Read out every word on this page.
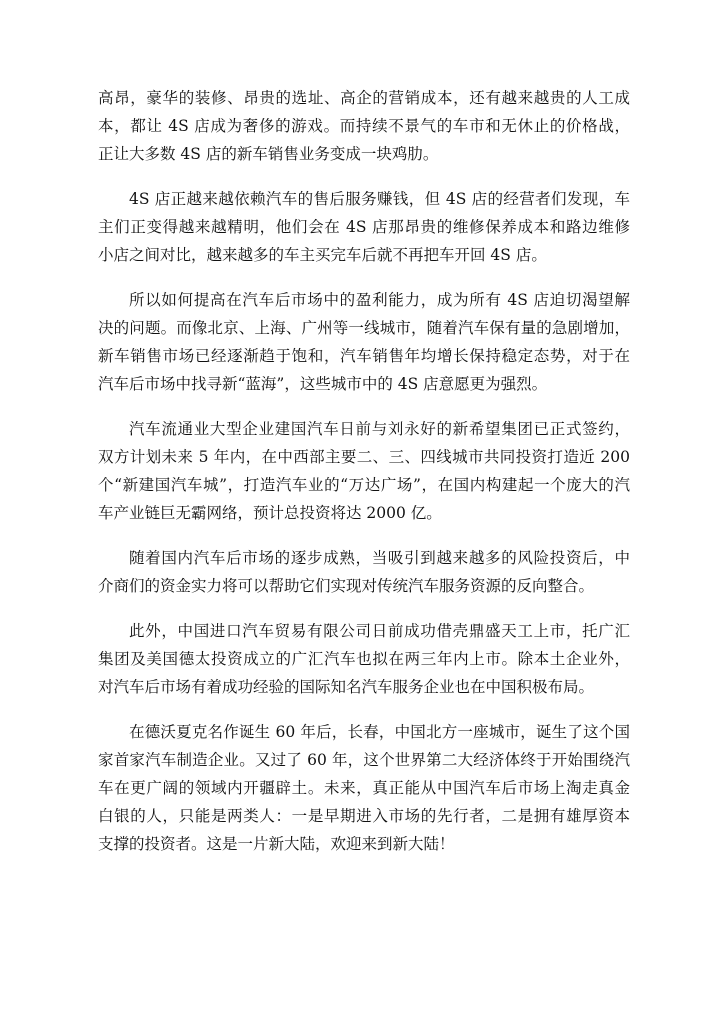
高昂，豪华的装修、昂贵的选址、高企的营销成本，还有越来越贵的人工成
本，都让 4S 店成为奢侈的游戏。而持续不景气的车市和无休止的价格战，
正让大多数 4S 店的新车销售业务变成一块鸡肋。

4S 店正越来越依赖汽车的售后服务赚钱，但 4S 店的经营者们发现，车
主们正变得越来越精明，他们会在 4S 店那昂贵的维修保养成本和路边维修
小店之间对比，越来越多的车主买完车后就不再把车开回 4S 店。

所以如何提高在汽车后市场中的盈利能力，成为所有 4S 店迫切渴望解
决的问题。而像北京、上海、广州等一线城市，随着汽车保有量的急剧增加，
新车销售市场已经逐渐趋于饱和，汽车销售年均增长保持稳定态势，对于在
汽车后市场中找寻新“蓝海”，这些城市中的 4S 店意愿更为强烈。

汽车流通业大型企业建国汽车日前与刘永好的新希望集团已正式签约，
双方计划未来 5 年内，在中西部主要二、三、四线城市共同投资打造近 200
个“新建国汽车城”，打造汽车业的“万达广场”，在国内构建起一个庞大的汽
车产业链巨无霸网络，预计总投资将达 2000 亿。

随着国内汽车后市场的逐步成熟，当吸引到越来越多的风险投资后，中
介商们的资金实力将可以帮助它们实现对传统汽车服务资源的反向整合。

此外，中国进口汽车贸易有限公司日前成功借壳鼎盛天工上市，托广汇
集团及美国德太投资成立的广汇汽车也拟在两三年内上市。除本土企业外，
对汽车后市场有着成功经验的国际知名汽车服务企业也在中国积极布局。

在德沃夏克名作诞生 60 年后，长春，中国北方一座城市，诞生了这个国
家首家汽车制造企业。又过了 60 年，这个世界第二大经济体终于开始围绕汽
车在更广阔的领域内开疆辟土。未来，真正能从中国汽车后市场上淘走真金
白银的人，只能是两类人：一是早期进入市场的先行者，二是拥有雄厚资本
支撑的投资者。这是一片新大陆，欢迎来到新大陆！
